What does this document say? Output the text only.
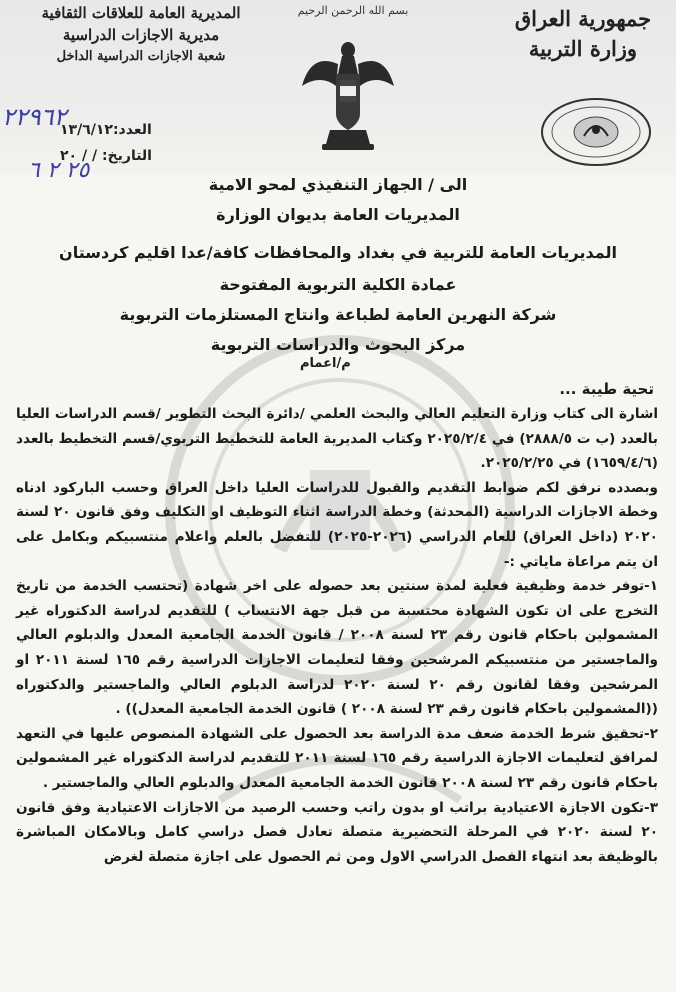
بسم الله الرحمن الرحيم	جمهورية العراق
وزارة التربية
المديرية العامة للعلاقات الثقافية
مديرية الاجازات الدراسية
شعبة الاجازات الدراسية الداخل
العدد:١٣/٦/١٢
التاريخ: / / ٢٠
٢٢٩٦٢
٢٥ ٢ ٦
الى / الجهاز التنفيذي لمحو الامية
المديريات العامة بديوان الوزارة
المديريات العامة للتربية في بغداد والمحافظات كافة/عدا اقليم كردستان
عمادة الكلية التربوية المفتوحة
شركة النهرين العامة لطباعة وانتاج المستلزمات التربوية
مركز البحوث والدراسات التربوية
م/اعمام
تحية طيبة ...

اشارة الى كتاب وزارة التعليم العالي والبحث العلمي /دائرة البحث التطوير /قسم الدراسات العليا بالعدد (ب ت ٢٨٨٨/٥) في ٢٠٢٥/٢/٤ وكتاب المديرية العامة للتخطيط التربوي/قسم التخطيط بالعدد (١٦٥٩/٤/٦) في ٢٠٢٥/٢/٢٥.

وبصدده نرفق لكم ضوابط التقديم والقبول للدراسات العليا داخل العراق وحسب الباركود ادناه وخطة الاجازات الدراسية (المحدثة) وخطة الدراسة اثناء التوظيف او التكليف وفق قانون ٢٠ لسنة ٢٠٢٠ (داخل العراق) للعام الدراسي (٢٠٢٦-٢٠٢٥) للتفضل بالعلم واعلام منتسبيكم وبكامل على ان يتم مراعاة ماياتي :-

١-توفر خدمة وظيفية فعلية لمدة سنتين بعد حصوله على اخر شهادة (تحتسب الخدمة من تاريخ التخرج على ان تكون الشهادة محتسبة من قبل جهة الانتساب ) للتقديم لدراسة الدكتوراه غير المشمولين باحكام قانون رقم ٢٣ لسنة ٢٠٠٨ / قانون الخدمة الجامعية المعدل والدبلوم العالي والماجستير من منتسبيكم المرشحين وفقا لتعليمات الاجازات الدراسية رقم ١٦٥ لسنة ٢٠١١ او المرشحين وفقا لقانون رقم ٢٠ لسنة ٢٠٢٠ لدراسة الدبلوم العالي والماجستير والدكتوراه ((المشمولين باحكام قانون رقم ٢٣ لسنة ٢٠٠٨ ) قانون الخدمة الجامعية المعدل)) .

٢-تحقيق شرط الخدمة ضعف مدة الدراسة بعد الحصول على الشهادة المنصوص عليها في التعهد لمرافق لتعليمات الاجازة الدراسية رقم ١٦٥ لسنة ٢٠١١ للتقديم لدراسة الدكتوراه غير المشمولين باحكام قانون رقم ٢٣ لسنة ٢٠٠٨ قانون الخدمة الجامعية المعدل والدبلوم العالي والماجستير .

٣-تكون الاجازة الاعتيادية براتب او بدون راتب وحسب الرصيد من الاجازات الاعتيادية وفق قانون ٢٠ لسنة ٢٠٢٠ في المرحلة التحضيرية متصلة تعادل فصل دراسي كامل وبالامكان المباشرة بالوظيفة بعد انتهاء الفصل الدراسي الاول ومن ثم الحصول على اجازة متصلة لغرض
